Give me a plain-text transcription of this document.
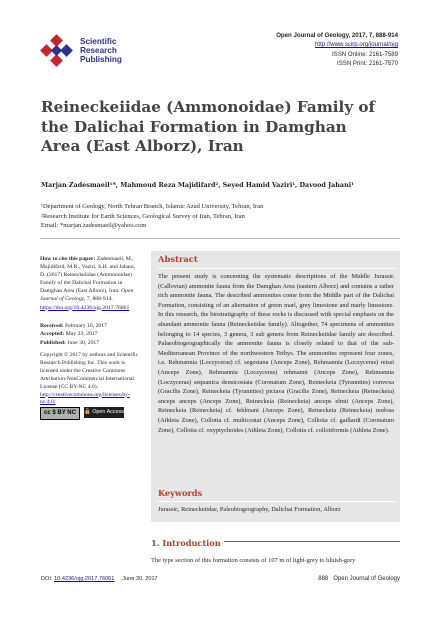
Scientific
Research
Publishing
Open Journal of Geology, 2017, 7, 888-914
http://www.scirp.org/journal/ojg
ISSN Online: 2161-7589
ISSN Print: 2161-7570
Reineckeiidae (Ammonoidae) Family of the Dalichai Formation in Damghan Area (East Alborz), Iran
Marjan Zadesmaeil¹*, Mahmoud Reza Majidifard², Seyed Hamid Vaziri¹, Davood Jahani¹
¹Department of Geology, North Tehran Branch, Islamic Azad University, Tehran, Iran
²Research Institute for Earth Sciences, Geological Survey of Iran, Tehran, Iran
Email: *marjan.zadesmaeil@yahoo.com
How to cite this paper: Zadesmaeil, M., Majidifard, M.R., Vaziri, S.H. and Jahani, D. (2017) Reineckeiidae (Ammonoidae) Family of the Dalichai Formation in Damghan Area (East Alborz), Iran. Open Journal of Geology, 7, 888-914. https://doi.org/10.4236/ojg.2017.76061
Received: February 16, 2017
Accepted: May 23, 2017
Published: June 30, 2017
Copyright © 2017 by authors and Scientific Research Publishing Inc. This work is licensed under the Creative Commons Attribution-NonCommercial International License (CC BY-NC 4.0). http://creativecommons.org/licenses/by-nc/4.0/
cc $ BY NC 🔓 Open Access
Abstract
The present study is concerning the systematic descriptions of the Middle Jurassic (Callovian) ammonite fauna from the Damghan Area (eastern Alborz) and contains a rather rich ammonite fauna. The described ammonites come from the Middle part of the Dalichai Formation, consisting of an alternation of green marl, grey limestone and marly limestone. In this research, the biostratigraphy of these rocks is discussed with special emphasis on the abundant ammonite fauna (Reineckeiidae family). Altogether, 74 specimens of ammonites belonging to 14 species, 3 genera, 3 sub genera from Reineckeiidae family are described. Palaeobiogeographically the ammonite fauna is closely related to that of the sub-Mediterranean Province of the northwestern Tethys. The ammonites represent four zones, i.e. Rehmannia (Loczyceras) cf. segestana (Anceps Zone), Rehmannia (Loczyceras) reissi (Anceps Zone), Rehmannia (Loczyceras) rehmanni (Anceps Zone), Rehmannia (Loczyceras) sequanica densicostata (Coronatum Zone), Reineckeia (Tyrannites) convexa (Gracilis Zone), Reineckeia (Tyrannites) pictava (Gracilis Zone), Reineckeia (Reineckeia) anceps anceps (Anceps Zone), Reineckeia (Reineckeia) anceps elmii (Anceps Zone), Reineckeia (Reineckeia) cf. fehlmani (Anceps Zone), Reineckeia (Reineckeia) nodosa (Athleta Zone), Collotia cf. multicostat (Anceps Zone), Collotia cf. gaillardi (Coronatum Zone), Collotia cf. oxyptychoides (Athleta Zone), Collotia cf. collotiformis (Athleta Zone).
Keywords
Jurassic, Reineckeiidae, Paleobiogeography, Dalichai Formation, Alborz
1. Introduction
The type section of this formation consists of 107 m of light-grey to bluish-grey
DOI: 10.4236/ojg.2017.76061 June 30, 2017	888 Open Journal of Geology
